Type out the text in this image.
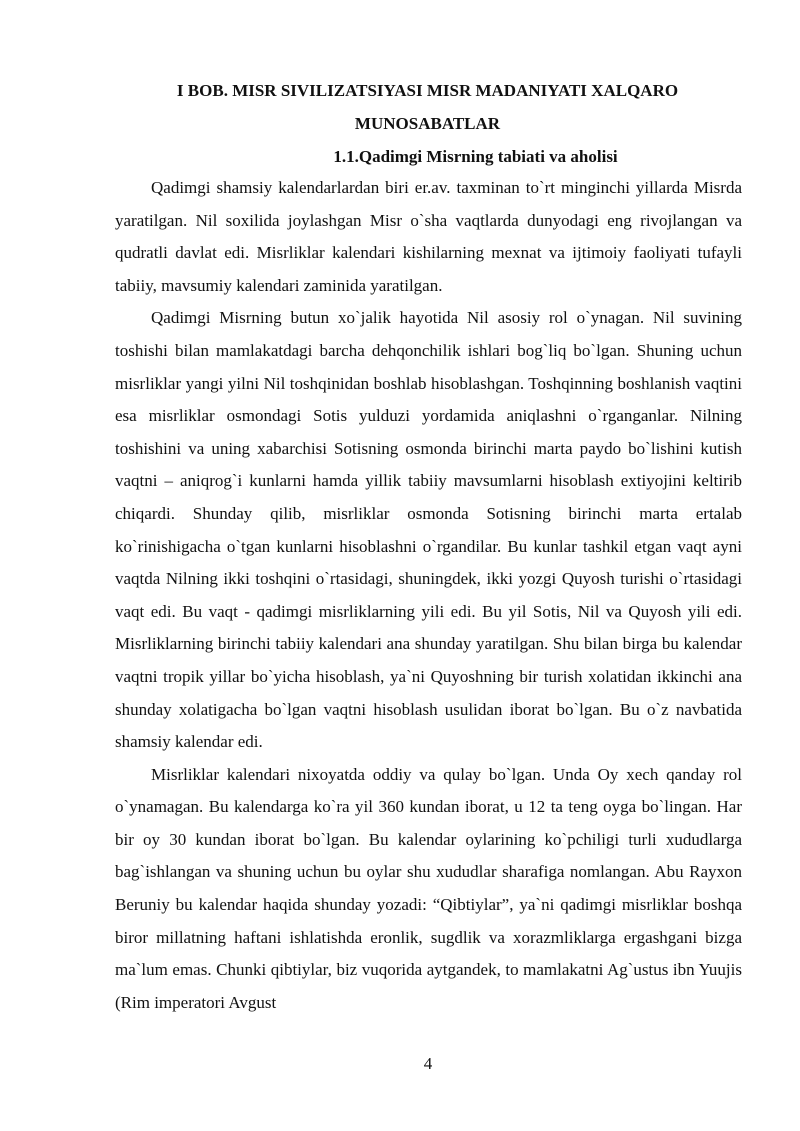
I BOB. MISR SIVILIZATSIYASI MISR MADANIYATI XALQARO MUNOSABATLAR
1.1.Qadimgi Misrning tabiati va aholisi

Qadimgi shamsiy kalendarlardan biri er.av. taxminan to`rt minginchi yillarda Misrda yaratilgan. Nil soxilida joylashgan Misr o`sha vaqtlarda dunyodagi eng rivojlangan va qudratli davlat edi. Misrliklar kalendari kishilarning mexnat va ijtimoiy faoliyati tufayli tabiiy, mavsumiy kalendari zaminida yaratilgan.

Qadimgi Misrning butun xo`jalik hayotida Nil asosiy rol o`ynagan. Nil suvining toshishi bilan mamlakatdagi barcha dehqonchilik ishlari bog`liq bo`lgan. Shuning uchun misrliklar yangi yilni Nil toshqinidan boshlab hisoblashgan. Toshqinning boshlanish vaqtini esa misrliklar osmondagi Sotis yulduzi yordamida aniqlashni o`rganganlar. Nilning toshishini va uning xabarchisi Sotisning osmonda birinchi marta paydo bo`lishini kutish vaqtni – aniqrog`i kunlarni hamda yillik tabiiy mavsumlarni hisoblash extiyojini keltirib chiqardi. Shunday qilib, misrliklar osmonda Sotisning birinchi marta ertalab ko`rinishigacha o`tgan kunlarni hisoblashni o`rgandilar. Bu kunlar tashkil etgan vaqt ayni vaqtda Nilning ikki toshqini o`rtasidagi, shuningdek, ikki yozgi Quyosh turishi o`rtasidagi vaqt edi. Bu vaqt - qadimgi misrliklarning yili edi. Bu yil Sotis, Nil va Quyosh yili edi. Misrliklarning birinchi tabiiy kalendari ana shunday yaratilgan. Shu bilan birga bu kalendar vaqtni tropik yillar bo`yicha hisoblash, ya`ni Quyoshning bir turish xolatidan ikkinchi ana shunday xolatigacha bo`lgan vaqtni hisoblash usulidan iborat bo`lgan. Bu o`z navbatida shamsiy kalendar edi.

Misrliklar kalendari nixoyatda oddiy va qulay bo`lgan. Unda Oy xech qanday rol o`ynamagan. Bu kalendarga ko`ra yil 360 kundan iborat, u 12 ta teng oyga bo`lingan. Har bir oy 30 kundan iborat bo`lgan. Bu kalendar oylarining ko`pchiligi turli xududlarga bag`ishlangan va shuning uchun bu oylar shu xududlar sharafiga nomlangan. Abu Rayxon Beruniy bu kalendar haqida shunday yozadi: “Qibtiylar”, ya`ni qadimgi misrliklar boshqa biror millatning haftani ishlatishda eronlik, sugdlik va xorazmliklarga ergashgani bizga ma`lum emas. Chunki qibtiylar, biz vuqorida aytgandek, to mamlakatni Ag`ustus ibn Yuujis (Rim imperatori Avgust

4
